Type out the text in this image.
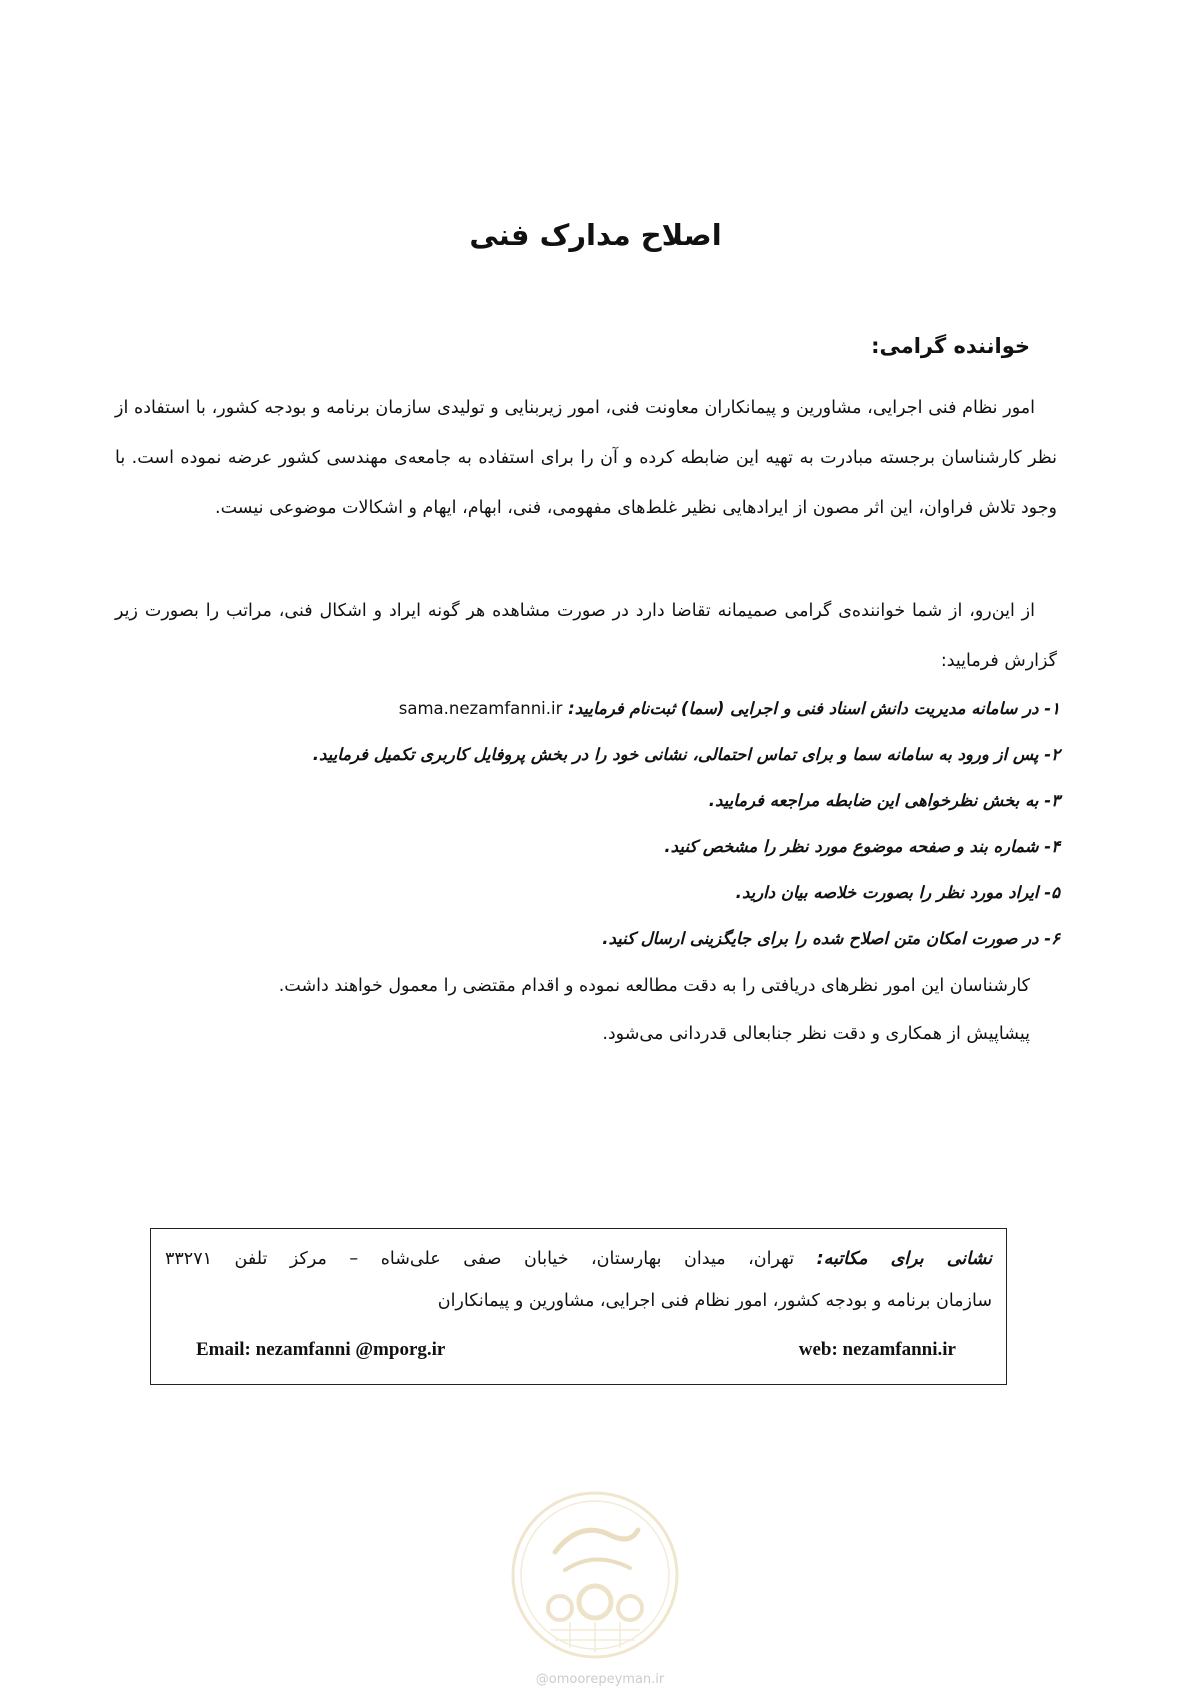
اصلاح مدارک فنی
خواننده گرامی:

امور نظام فنی اجرایی، مشاورین و پیمانکاران معاونت فنی، امور زیربنایی و تولیدی سازمان برنامه و بودجه کشور، با استفاده از نظر کارشناسان برجسته مبادرت به تهیه این ضابطه کرده و آن را برای استفاده به جامعه‌ی مهندسی کشور عرضه نموده است. با وجود تلاش فراوان، این اثر مصون از ایرادهایی نظیر غلط‌های مفهومی، فنی، ابهام، ایهام و اشکالات موضوعی نیست.

از این‌رو، از شما خواننده‌ی گرامی صمیمانه تقاضا دارد در صورت مشاهده هر گونه ایراد و اشکال فنی، مراتب را بصورت زیر گزارش فرمایید:

۱- در سامانه مدیریت دانش اسناد فنی و اجرایی (سما) ثبت‌نام فرمایید: sama.nezamfanni.ir
۲- پس از ورود به سامانه سما و برای تماس احتمالی، نشانی خود را در بخش پروفایل کاربری تکمیل فرمایید.
۳- به بخش نظرخواهی این ضابطه مراجعه فرمایید.
۴- شماره بند و صفحه موضوع مورد نظر را مشخص کنید.
۵- ایراد مورد نظر را بصورت خلاصه بیان دارید.
۶- در صورت امکان متن اصلاح شده را برای جایگزینی ارسال کنید.
کارشناسان این امور نظرهای دریافتی را به دقت مطالعه نموده و اقدام مقتضی را معمول خواهند داشت.
پیشاپیش از همکاری و دقت نظر جنابعالی قدردانی می‌شود.
نشانی برای مکاتبه: تهران، میدان بهارستان، خیابان صفی علی‌شاه – مرکز تلفن ۳۳۲۷۱
سازمان برنامه و بودجه کشور، امور نظام فنی اجرایی، مشاورین و پیمانکاران
Email: nezamfanni @mporg.ir	web: nezamfanni.ir
@omoorepeyman.ir
